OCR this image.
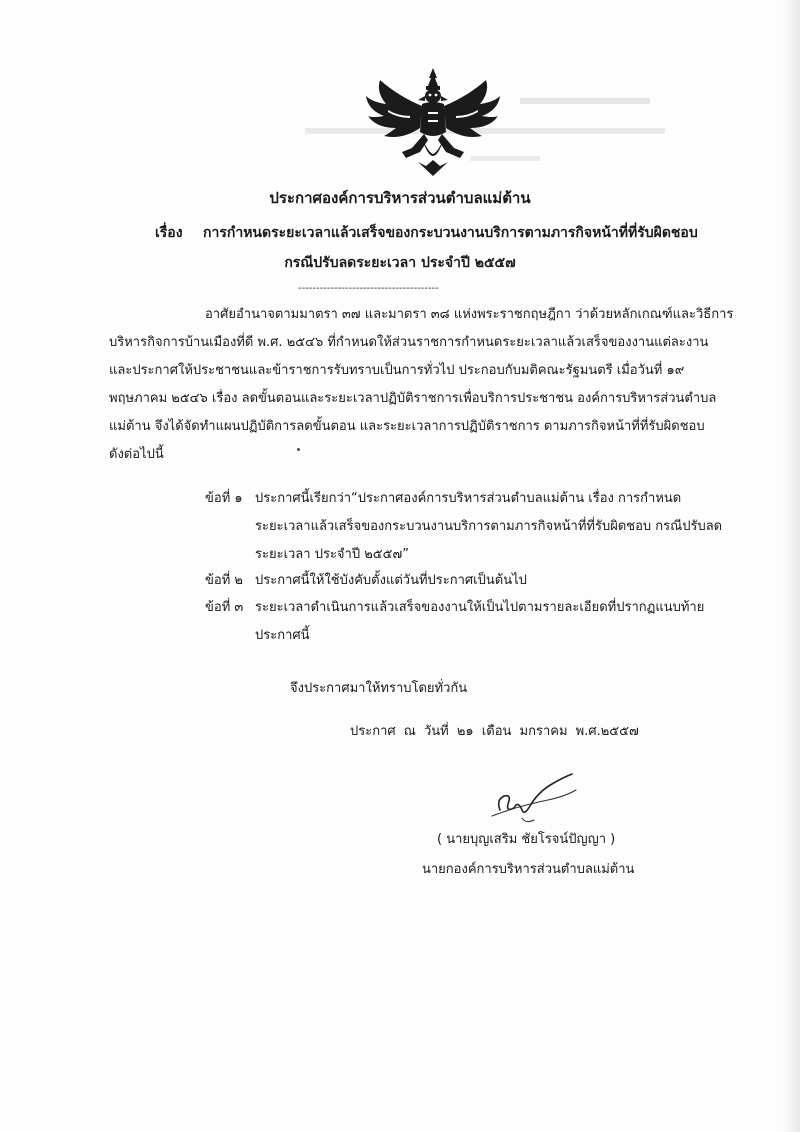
ประกาศองค์การบริหารส่วนตำบลแม่ต้าน
เรื่อง การกำหนดระยะเวลาแล้วเสร็จของกระบวนงานบริการตามภารกิจหน้าที่ที่รับผิดชอบ
กรณีปรับลดระยะเวลา ประจำปี ๒๕๕๗
---------------------------------------
อาศัยอำนาจตามมาตรา ๓๗ และมาตรา ๓๘ แห่งพระราชกฤษฎีกา ว่าด้วยหลักเกณฑ์และวิธีการ
บริหารกิจการบ้านเมืองที่ดี พ.ศ. ๒๕๔๖ ที่กำหนดให้ส่วนราชการกำหนดระยะเวลาแล้วเสร็จของงานแต่ละงาน
และประกาศให้ประชาชนและข้าราชการรับทราบเป็นการทั่วไป ประกอบกับมติคณะรัฐมนตรี เมื่อวันที่ ๑๙
พฤษภาคม ๒๕๔๖ เรื่อง ลดขั้นตอนและระยะเวลาปฏิบัติราชการเพื่อบริการประชาชน องค์การบริหารส่วนตำบล
แม่ต้าน จึงได้จัดทำแผนปฏิบัติการลดขั้นตอน และระยะเวลาการปฏิบัติราชการ ตามภารกิจหน้าที่ที่รับผิดชอบ
ดังต่อไปนี้
ข้อที่ ๑ ประกาศนี้เรียกว่า“ประกาศองค์การบริหารส่วนตำบลแม่ต้าน เรื่อง การกำหนด
ระยะเวลาแล้วเสร็จของกระบวนงานบริการตามภารกิจหน้าที่ที่รับผิดชอบ กรณีปรับลด
ระยะเวลา ประจำปี ๒๕๕๗”
ข้อที่ ๒ ประกาศนี้ให้ใช้บังคับตั้งแต่วันที่ประกาศเป็นต้นไป
ข้อที่ ๓ ระยะเวลาดำเนินการแล้วเสร็จของงานให้เป็นไปตามรายละเอียดที่ปรากฏแนบท้าย
ประกาศนี้
จึงประกาศมาให้ทราบโดยทั่วกัน
ประกาศ ณ วันที่ ๒๑ เดือน มกราคม พ.ศ.๒๕๕๗
( นายบุญเสริม ชัยโรจน์ปัญญา )
นายกองค์การบริหารส่วนตำบลแม่ต้าน
